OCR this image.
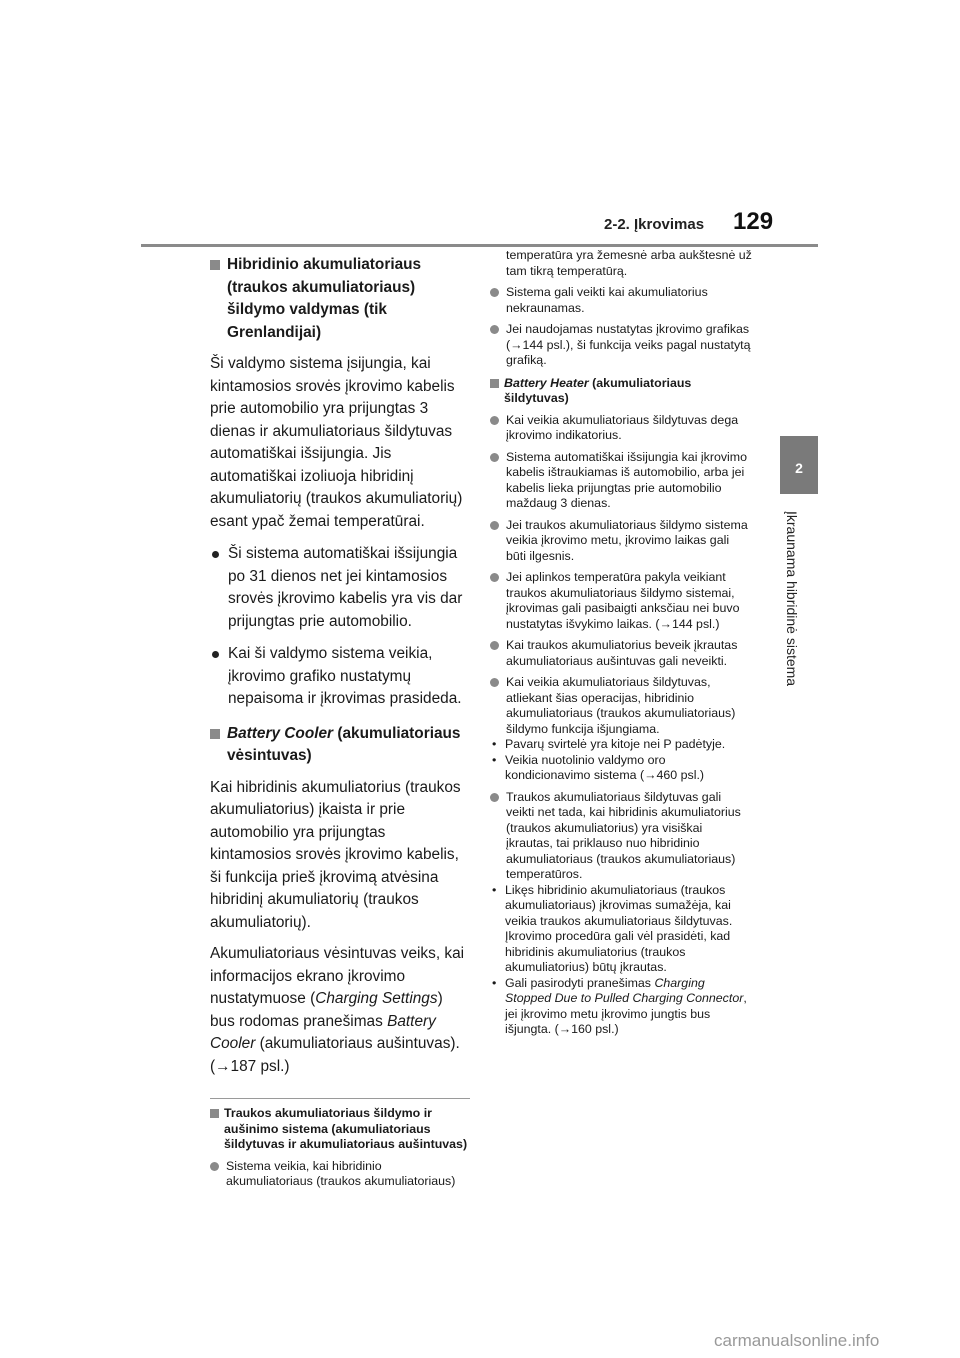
2-2. Įkrovimas 129
2
Įkraunama hibridinė sistema

Hibridinio akumuliatoriaus (traukos akumuliatoriaus) šildymo valdymas (tik Grenlandijai)

Ši valdymo sistema įsijungia, kai kintamosios srovės įkrovimo kabelis prie automobilio yra prijungtas 3 dienas ir akumuliatoriaus šildytuvas automatiškai išsijungia. Jis automatiškai izoliuoja hibridinį akumuliatorių (traukos akumuliatorių) esant ypač žemai temperatūrai.

Ši sistema automatiškai išsijungia po 31 dienos net jei kintamosios srovės įkrovimo kabelis yra vis dar prijungtas prie automobilio.

Kai ši valdymo sistema veikia, įkrovimo grafiko nustatymų nepaisoma ir įkrovimas prasideda.

Battery Cooler (akumuliatoriaus vėsintuvas)

Kai hibridinis akumuliatorius (traukos akumuliatorius) įkaista ir prie automobilio yra prijungtas kintamosios srovės įkrovimo kabelis, ši funkcija prieš įkrovimą atvėsina hibridinį akumuliatorių (traukos akumuliatorių).

Akumuliatoriaus vėsintuvas veiks, kai informacijos ekrano įkrovimo nustatymuose (Charging Settings) bus rodomas pranešimas Battery Cooler (akumuliatoriaus aušintuvas). (→187 psl.)

Traukos akumuliatoriaus šildymo ir aušinimo sistema (akumuliatoriaus šildytuvas ir akumuliatoriaus aušintuvas)

Sistema veikia, kai hibridinio akumuliatoriaus (traukos akumuliatoriaus)

temperatūra yra žemesnė arba aukštesnė už tam tikrą temperatūrą.

Sistema gali veikti kai akumuliatorius nekraunamas.

Jei naudojamas nustatytas įkrovimo grafikas (→144 psl.), ši funkcija veiks pagal nustatytą grafiką.

Battery Heater (akumuliatoriaus šildytuvas)

Kai veikia akumuliatoriaus šildytuvas dega įkrovimo indikatorius.

Sistema automatiškai išsijungia kai įkrovimo kabelis ištraukiamas iš automobilio, arba jei kabelis lieka prijungtas prie automobilio maždaug 3 dienas.

Jei traukos akumuliatoriaus šildymo sistema veikia įkrovimo metu, įkrovimo laikas gali būti ilgesnis.

Jei aplinkos temperatūra pakyla veikiant traukos akumuliatoriaus šildymo sistemai, įkrovimas gali pasibaigti anksčiau nei buvo nustatytas išvykimo laikas. (→144 psl.)

Kai traukos akumuliatorius beveik įkrautas akumuliatoriaus aušintuvas gali neveikti.

Kai veikia akumuliatoriaus šildytuvas, atliekant šias operacijas, hibridinio akumuliatoriaus (traukos akumuliatoriaus) šildymo funkcija išjungiama.

• Pavarų svirtelė yra kitoje nei P padėtyje.

• Veikia nuotolinio valdymo oro kondicionavimo sistema (→460 psl.)

Traukos akumuliatoriaus šildytuvas gali veikti net tada, kai hibridinis akumuliatorius (traukos akumuliatorius) yra visiškai įkrautas, tai priklauso nuo hibridinio akumuliatoriaus (traukos akumuliatoriaus) temperatūros.

• Likęs hibridinio akumuliatoriaus (traukos akumuliatoriaus) įkrovimas sumažėja, kai veikia traukos akumuliatoriaus šildytuvas. Įkrovimo procedūra gali vėl prasidėti, kad hibridinis akumuliatorius (traukos akumuliatorius) būtų įkrautas.

• Gali pasirodyti pranešimas Charging Stopped Due to Pulled Charging Connector, jei įkrovimo metu įkrovimo jungtis bus išjungta. (→160 psl.)

carmanualsonline.info
